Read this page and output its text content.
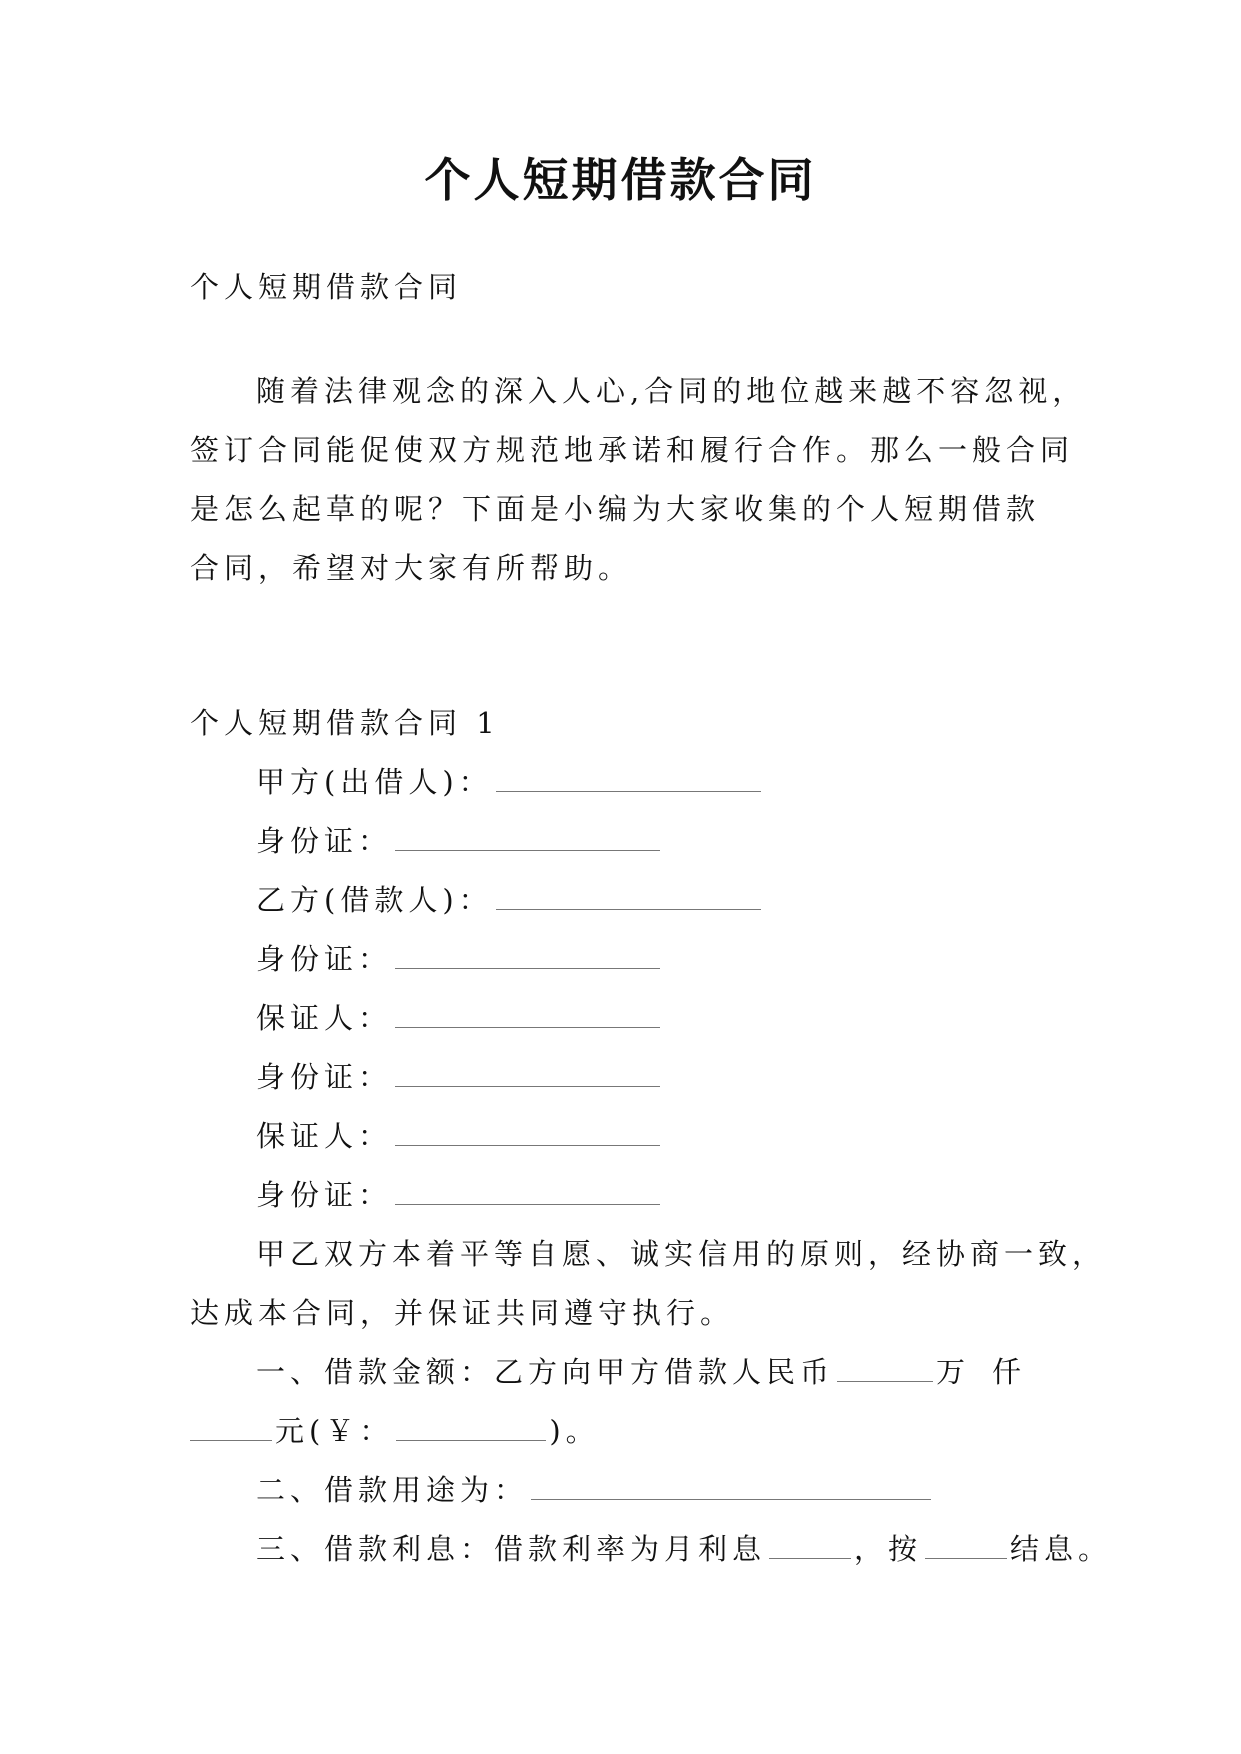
个人短期借款合同
个人短期借款合同
随着法律观念的深入人心,合同的地位越来越不容忽视，
签订合同能促使双方规范地承诺和履行合作。那么一般合同
是怎么起草的呢？下面是小编为大家收集的个人短期借款
合同，希望对大家有所帮助。
个人短期借款合同 1
甲方(出借人)：
身份证：
乙方(借款人)：
身份证：
保证人：
身份证：
保证人：
身份证：
甲乙双方本着平等自愿、诚实信用的原则，经协商一致，
达成本合同，并保证共同遵守执行。
一、借款金额：乙方向甲方借款人民币	万 仟
元(￥：	)。
二、借款用途为：
三、借款利息：借款利率为月利息	，按	结息。
